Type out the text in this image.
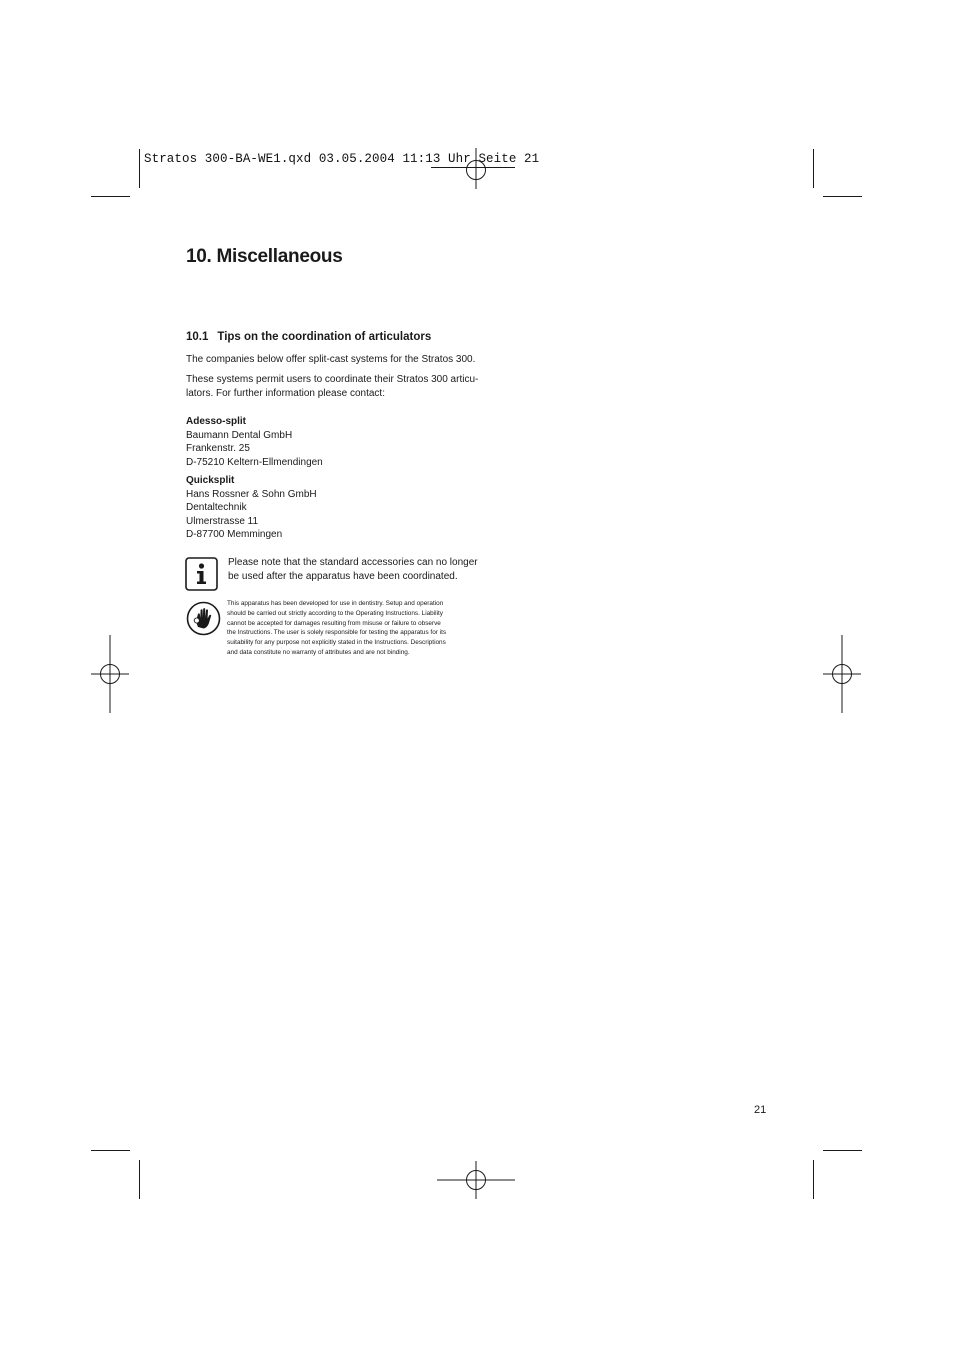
Stratos 300-BA-WE1.qxd 03.05.2004 11:13 Uhr Seite 21
10. Miscellaneous
10.1 Tips on the coordination of articulators

The companies below offer split-cast systems for the Stratos 300.

These systems permit users to coordinate their Stratos 300 articu-

lators. For further information please contact:

Adesso-split
Baumann Dental GmbH
Frankenstr. 25
D-75210 Keltern-Ellmendingen
Quicksplit
Hans Rossner & Sohn GmbH
Dentaltechnik
Ulmerstrasse 11
D-87700 Memmingen
Please note that the standard accessories can no longer
be used after the apparatus have been coordinated.
This apparatus has been developed for use in dentistry. Setup and operation
should be carried out strictly according to the Operating Instructions. Liability
cannot be accepted for damages resulting from misuse or failure to observe
the Instructions. The user is solely responsible for testing the apparatus for its
suitability for any purpose not explicitly stated in the Instructions. Descriptions
and data constitute no warranty of attributes and are not binding.
21
